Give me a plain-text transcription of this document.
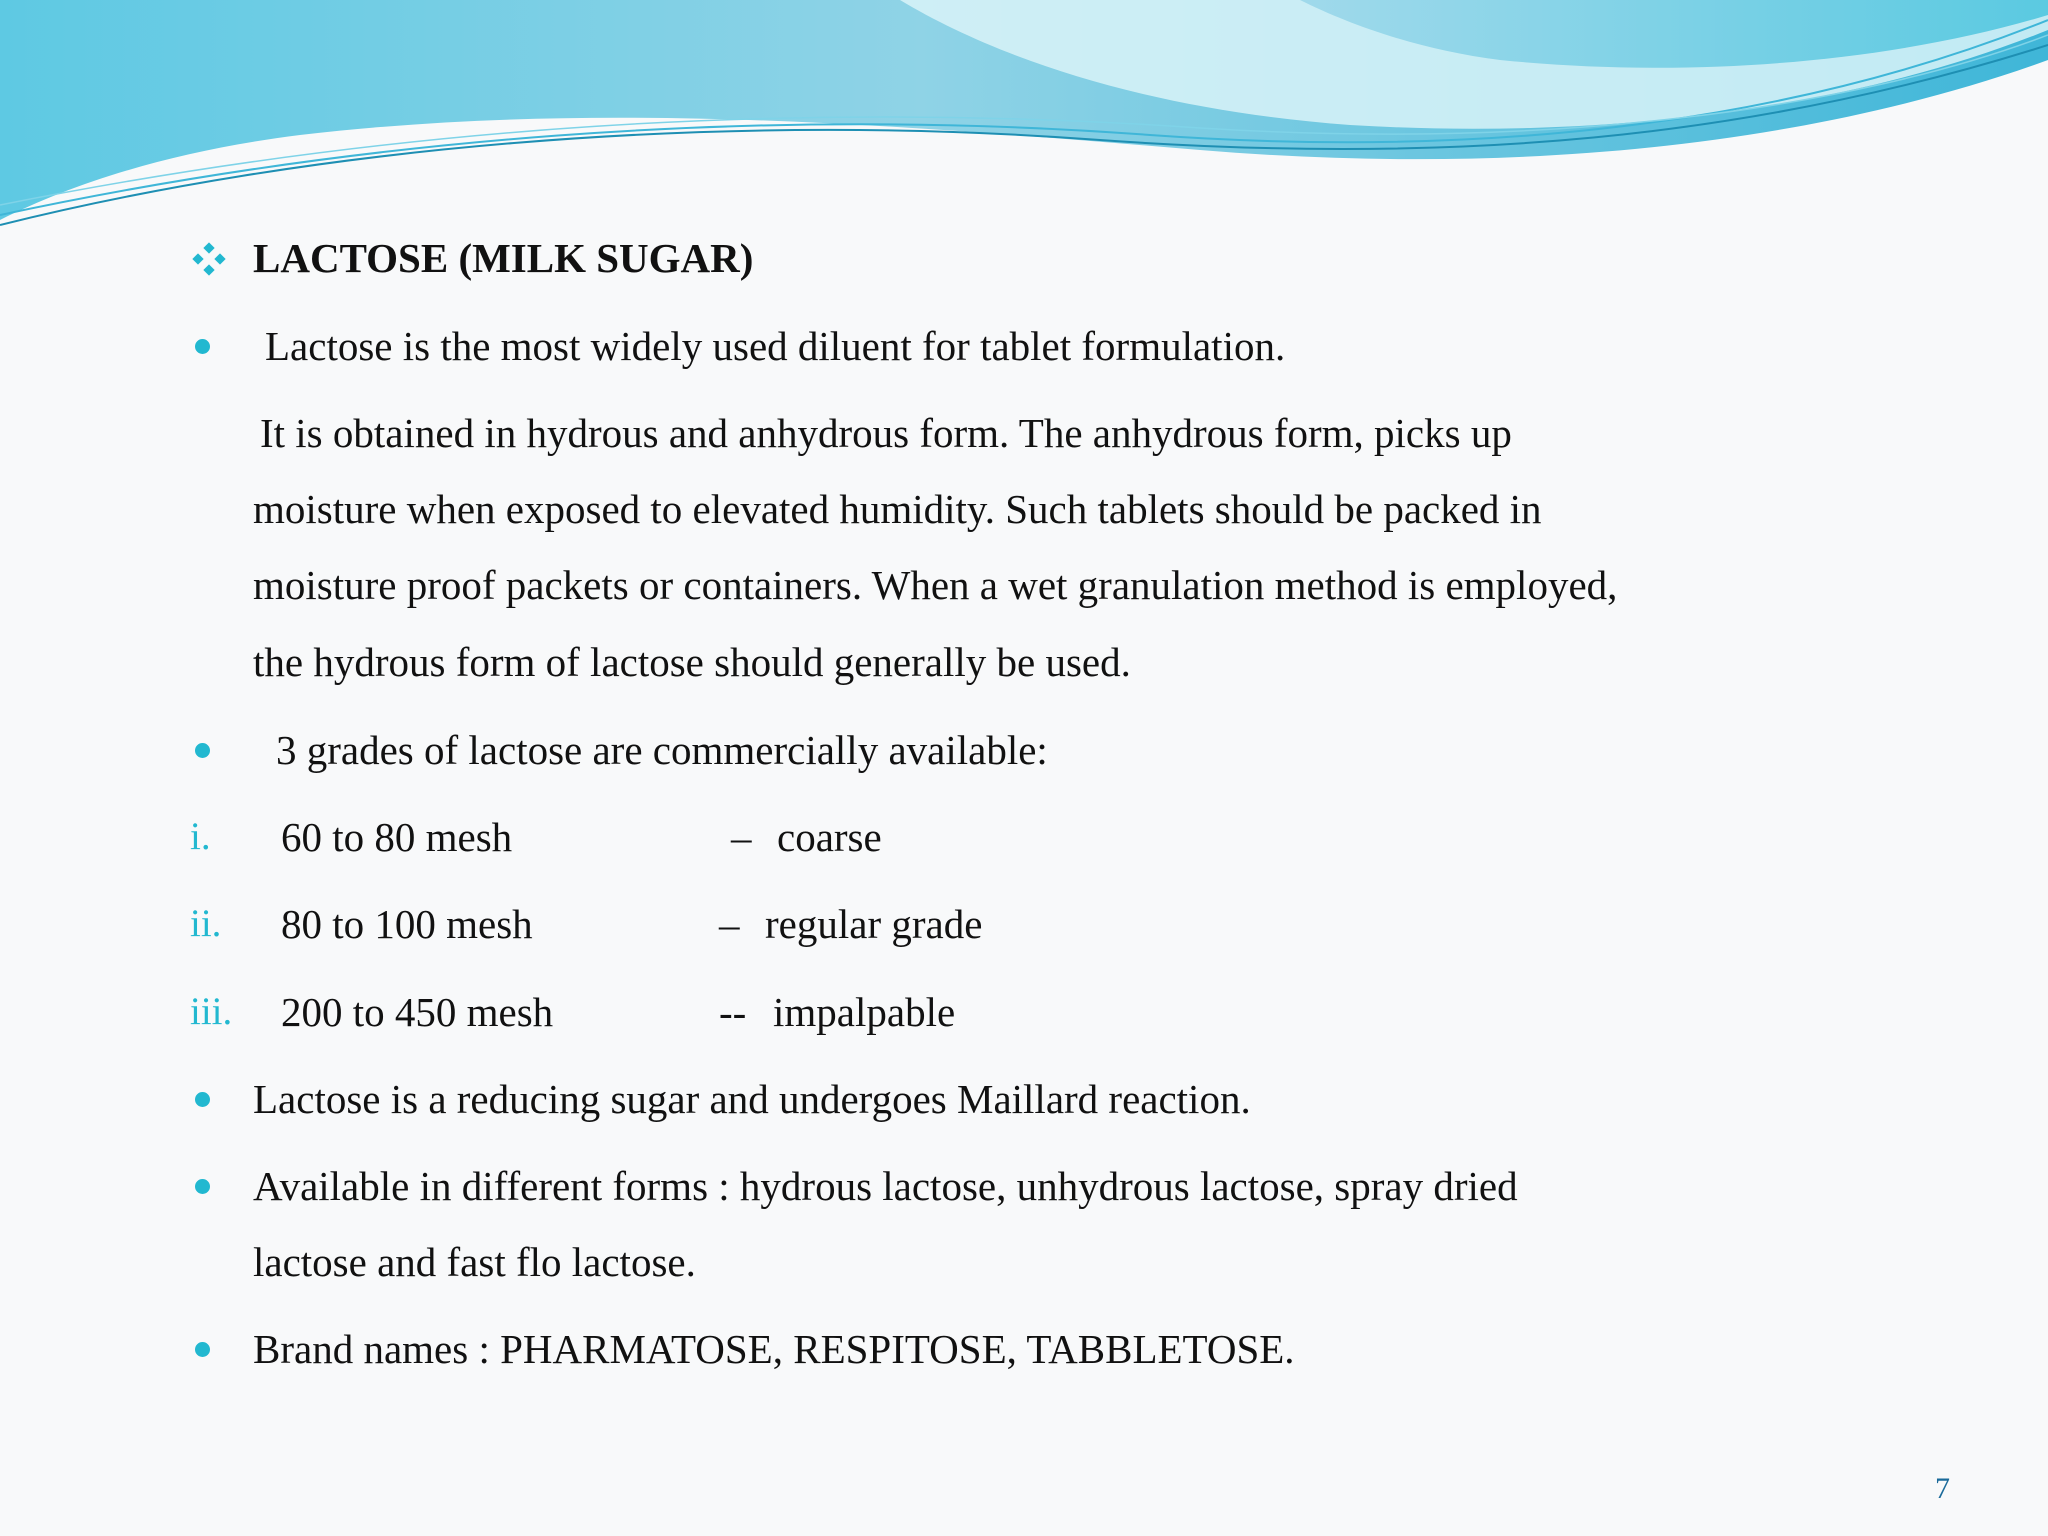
LACTOSE (MILK SUGAR)
Lactose is the most widely used diluent for tablet formulation.
It is obtained in hydrous and anhydrous form. The anhydrous form, picks up
moisture when exposed to elevated humidity. Such tablets should be packed in
moisture proof packets or containers. When a wet granulation method is employed,
the hydrous form of lactose should generally be used.
3 grades of lactose are commercially available:
i. 60 to 80 mesh	– coarse
ii. 80 to 100 mesh	– regular grade
iii. 200 to 450 mesh	-- impalpable
Lactose is a reducing sugar and undergoes Maillard reaction.
Available in different forms : hydrous lactose, unhydrous lactose, spray dried
lactose and fast flo lactose.
Brand names : PHARMATOSE, RESPITOSE, TABBLETOSE.
7
